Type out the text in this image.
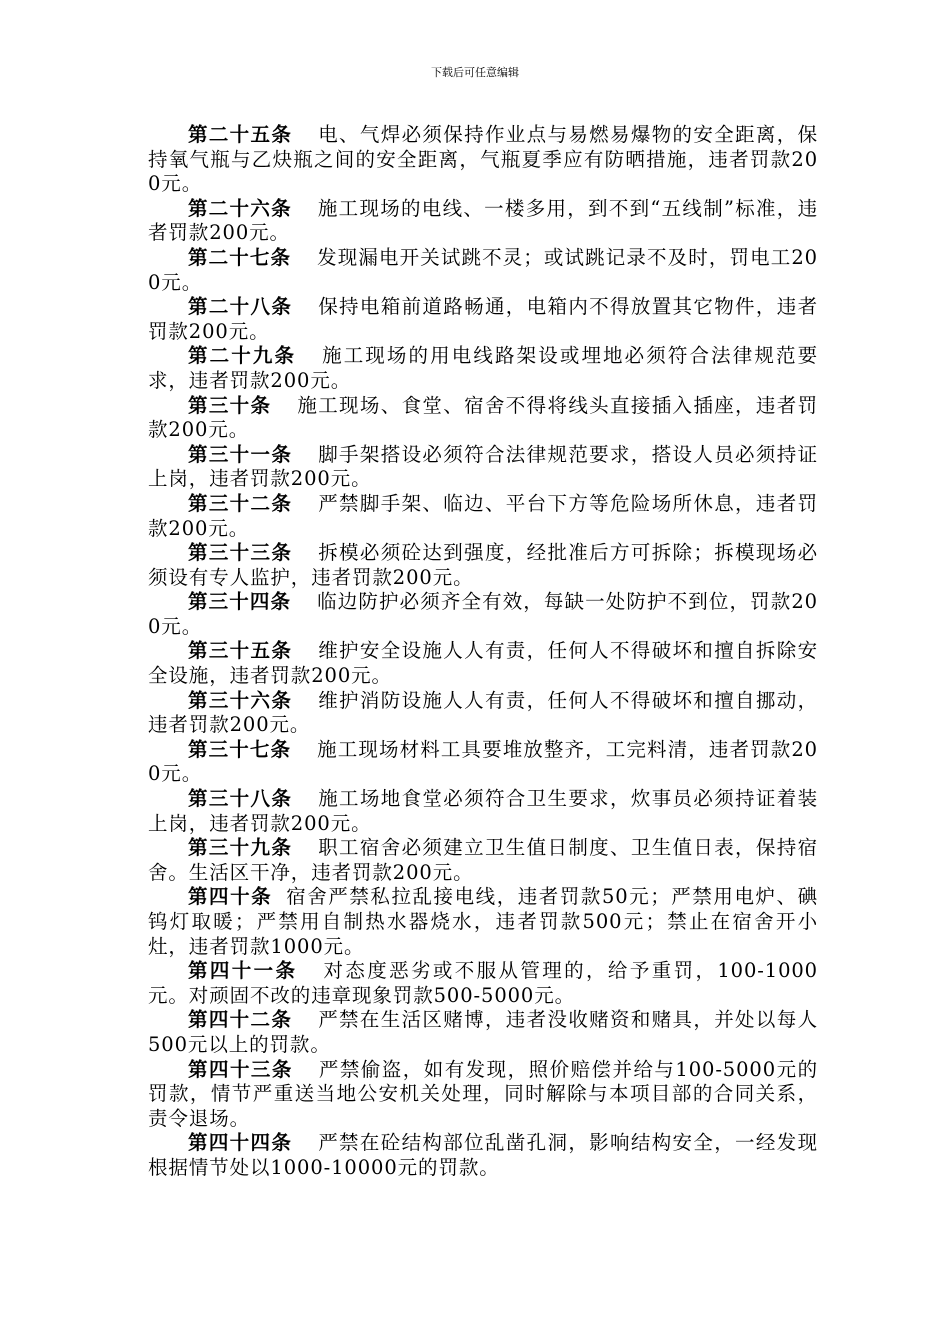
下载后可任意编辑

第二十五条 电、气焊必须保持作业点与易燃易爆物的安全距离，保持氧气瓶与乙炔瓶之间的安全距离，气瓶夏季应有防晒措施，违者罚款200元。

第二十六条 施工现场的电线、一楼多用，到不到“五线制”标准，违者罚款200元。

第二十七条 发现漏电开关试跳不灵；或试跳记录不及时，罚电工200元。

第二十八条 保持电箱前道路畅通，电箱内不得放置其它物件，违者罚款200元。

第二十九条 施工现场的用电线路架设或埋地必须符合法律规范要求，违者罚款200元。

第三十条 施工现场、食堂、宿舍不得将线头直接插入插座，违者罚款200元。

第三十一条 脚手架搭设必须符合法律规范要求，搭设人员必须持证上岗，违者罚款200元。

第三十二条 严禁脚手架、临边、平台下方等危险场所休息，违者罚款200元。

第三十三条 拆模必须砼达到强度，经批准后方可拆除；拆模现场必须设有专人监护，违者罚款200元。

第三十四条 临边防护必须齐全有效，每缺一处防护不到位，罚款200元。

第三十五条 维护安全设施人人有责，任何人不得破坏和擅自拆除安全设施，违者罚款200元。

第三十六条 维护消防设施人人有责，任何人不得破坏和擅自挪动，违者罚款200元。

第三十七条 施工现场材料工具要堆放整齐，工完料清，违者罚款200元。

第三十八条 施工场地食堂必须符合卫生要求，炊事员必须持证着装上岗，违者罚款200元。

第三十九条 职工宿舍必须建立卫生值日制度、卫生值日表，保持宿舍。生活区干净，违者罚款200元。

第四十条 宿舍严禁私拉乱接电线，违者罚款50元；严禁用电炉、碘钨灯取暖；严禁用自制热水器烧水，违者罚款500元；禁止在宿舍开小灶，违者罚款1000元。

第四十一条 对态度恶劣或不服从管理的，给予重罚，100-1000元。对顽固不改的违章现象罚款500-5000元。

第四十二条 严禁在生活区赌博，违者没收赌资和赌具，并处以每人500元以上的罚款。

第四十三条 严禁偷盗，如有发现，照价赔偿并给与100-5000元的罚款，情节严重送当地公安机关处理，同时解除与本项目部的合同关系，责令退场。

第四十四条 严禁在砼结构部位乱凿孔洞，影响结构安全，一经发现根据情节处以1000-10000元的罚款。
